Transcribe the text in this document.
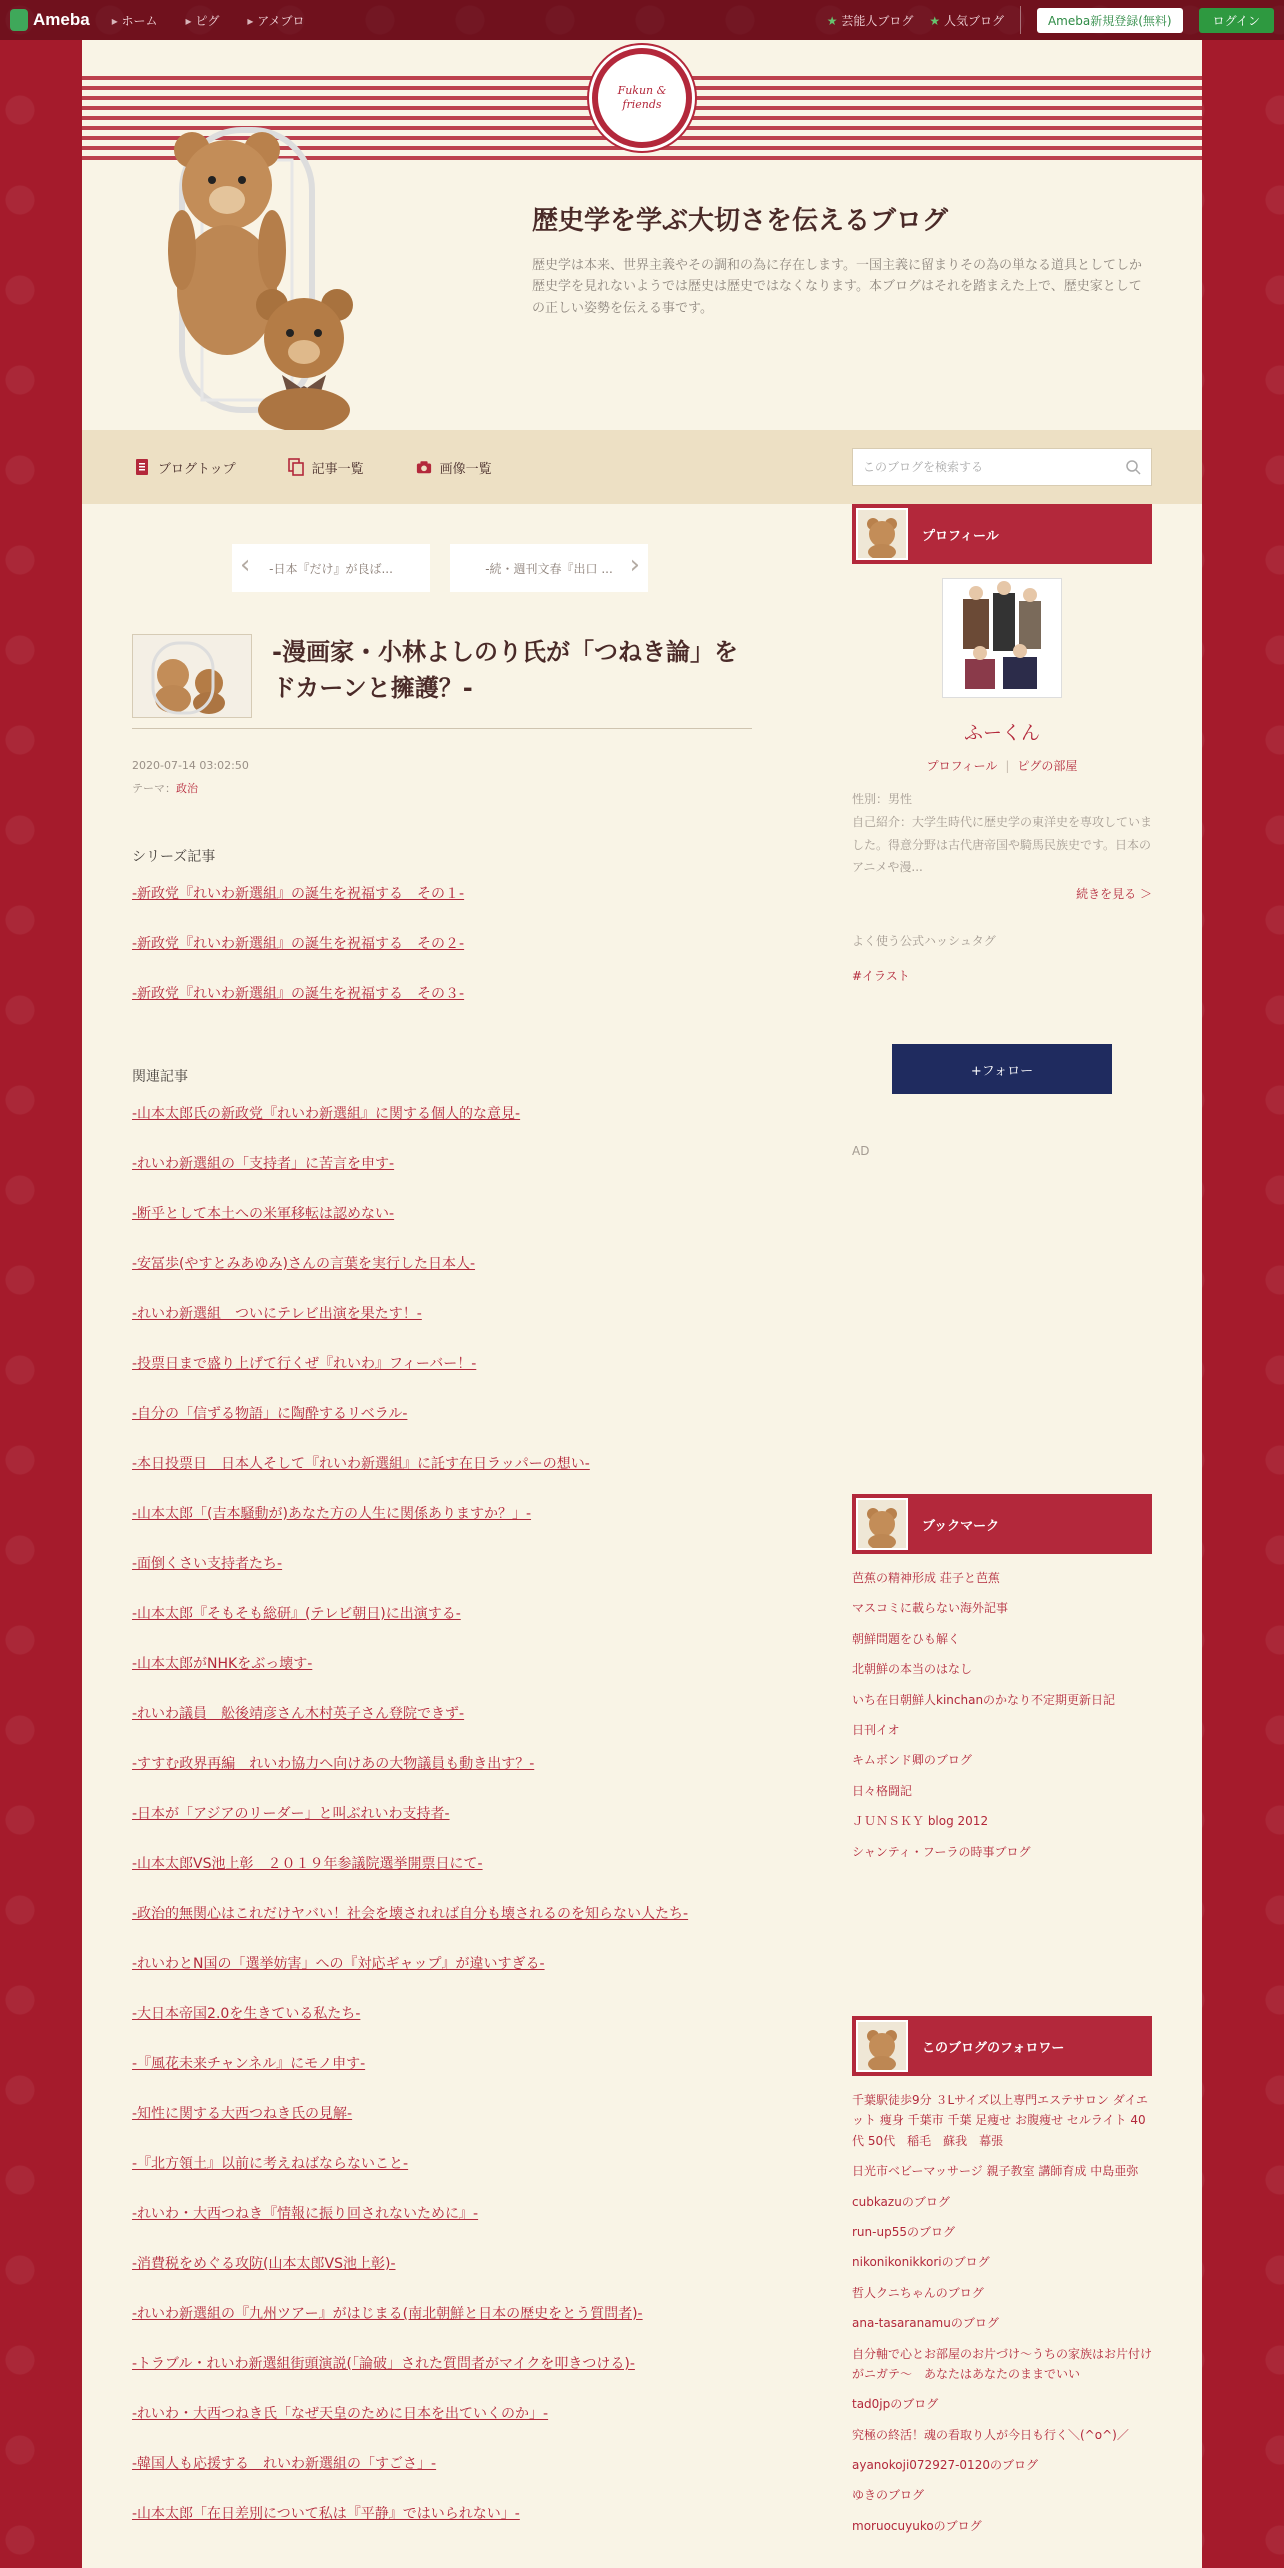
Ameba	▸ ホーム	▸ ピグ	▸ アメブロ	★ 芸能人ブログ	★ 人気ブログ	Ameba新規登録(無料)	ログイン
Fukun & friends
歴史学を学ぶ大切さを伝えるブログ
歴史学は本来、世界主義やその調和の為に存在します。一国主義に留まりその為の単なる道具としてしか歴史学を見れないようでは歴史は歴史ではなくなります。本ブログはそれを踏まえた上で、歴史家としての正しい姿勢を伝える事です。
ブログトップ	記事一覧	画像一覧
このブログを検索する
‹ -日本『だけ』が良ば...	-続・週刊文春『出口 ... ›
-漫画家・小林よしのり氏が「つねき論」をドカーンと擁護？-
2020-07-14 03:02:50
テーマ：政治
シリーズ記事
-新政党『れいわ新選組』の誕生を祝福する　その１-
-新政党『れいわ新選組』の誕生を祝福する　その２-
-新政党『れいわ新選組』の誕生を祝福する　その３-
関連記事
-山本太郎氏の新政党『れいわ新選組』に関する個人的な意見-
-れいわ新選組の「支持者」に苦言を申す-
-断乎として本土への米軍移転は認めない-
-安冨歩(やすとみあゆみ)さんの言葉を実行した日本人-
-れいわ新選組　ついにテレビ出演を果たす！-
-投票日まで盛り上げて行くぜ『れいわ』フィーバー！-
-自分の「信ずる物語」に陶酔するリベラル-
-本日投票日　日本人そして『れいわ新選組』に託す在日ラッパーの想い-
-山本太郎「(吉本騒動が)あなた方の人生に関係ありますか？」-
-面倒くさい支持者たち-
-山本太郎『そもそも総研』(テレビ朝日)に出演する-
-山本太郎がNHKをぶっ壊す-
-れいわ議員　舩後靖彦さん木村英子さん登院できず-
-すすむ政界再編　れいわ協力へ向けあの大物議員も動き出す？-
-日本が「アジアのリーダー」と叫ぶれいわ支持者-
-山本太郎VS池上彰　２０１９年参議院選挙開票日にて-
-政治的無関心はこれだけヤバい！社会を壊されれば自分も壊されるのを知らない人たち-
-れいわとN国の「選挙妨害」への『対応ギャップ』が違いすぎる-
-大日本帝国2.0を生きている私たち-
-『風花未来チャンネル』にモノ申す-
-知性に関する大西つねき氏の見解-
-『北方領土』以前に考えねばならないこと-
-れいわ・大西つねき『情報に振り回されないために』-
-消費税をめぐる攻防(山本太郎VS池上彰)-
-れいわ新選組の『九州ツアー』がはじまる(南北朝鮮と日本の歴史をとう質問者)-
-トラブル・れいわ新選組街頭演説(「論破」された質問者がマイクを叩きつける)-
-れいわ・大西つねき氏「なぜ天皇のために日本を出ていくのか」-
-韓国人も応援する　れいわ新選組の「すごさ」-
-山本太郎「在日差別について私は『平静』ではいられない」-
プロフィール
ふーくん
プロフィール | ピグの部屋
性別：男性
自己紹介：大学生時代に歴史学の東洋史を専攻していました。得意分野は古代唐帝国や騎馬民族史です。日本のアニメや漫...
続きを見る ＞
よく使う公式ハッシュタグ
#イラスト
+フォロー
AD
ブックマーク
芭蕉の精神形成 荘子と芭蕉
マスコミに載らない海外記事
朝鮮問題をひも解く
北朝鮮の本当のはなし
いち在日朝鮮人kinchanのかなり不定期更新日記
日刊イオ
キムボンド卿のブログ
日々格闘記
ＪＵＮＳＫＹ blog 2012
シャンティ・フーラの時事ブログ
このブログのフォロワー
千葉駅徒歩9分 ３Lサイズ以上専門エステサロン ダイエット 痩身 千葉市 千葉 足痩せ お腹痩せ セルライト 40代 50代　稲毛　蘇我　幕張
日光市ベビーマッサージ 親子教室 講師育成 中島亜弥
cubkazuのブログ
run-up55のブログ
nikonikonikkoriのブログ
哲人クニちゃんのブログ
ana-tasaranamuのブログ
自分軸で心とお部屋のお片づけ～うちの家族はお片付けがニガテ～　あなたはあなたのままでいい
tad0jpのブログ
究極の終活！魂の看取り人が今日も行く＼(^o^)／
ayanokoji072927-0120のブログ
ゆきのブログ
moruocuyukoのブログ
